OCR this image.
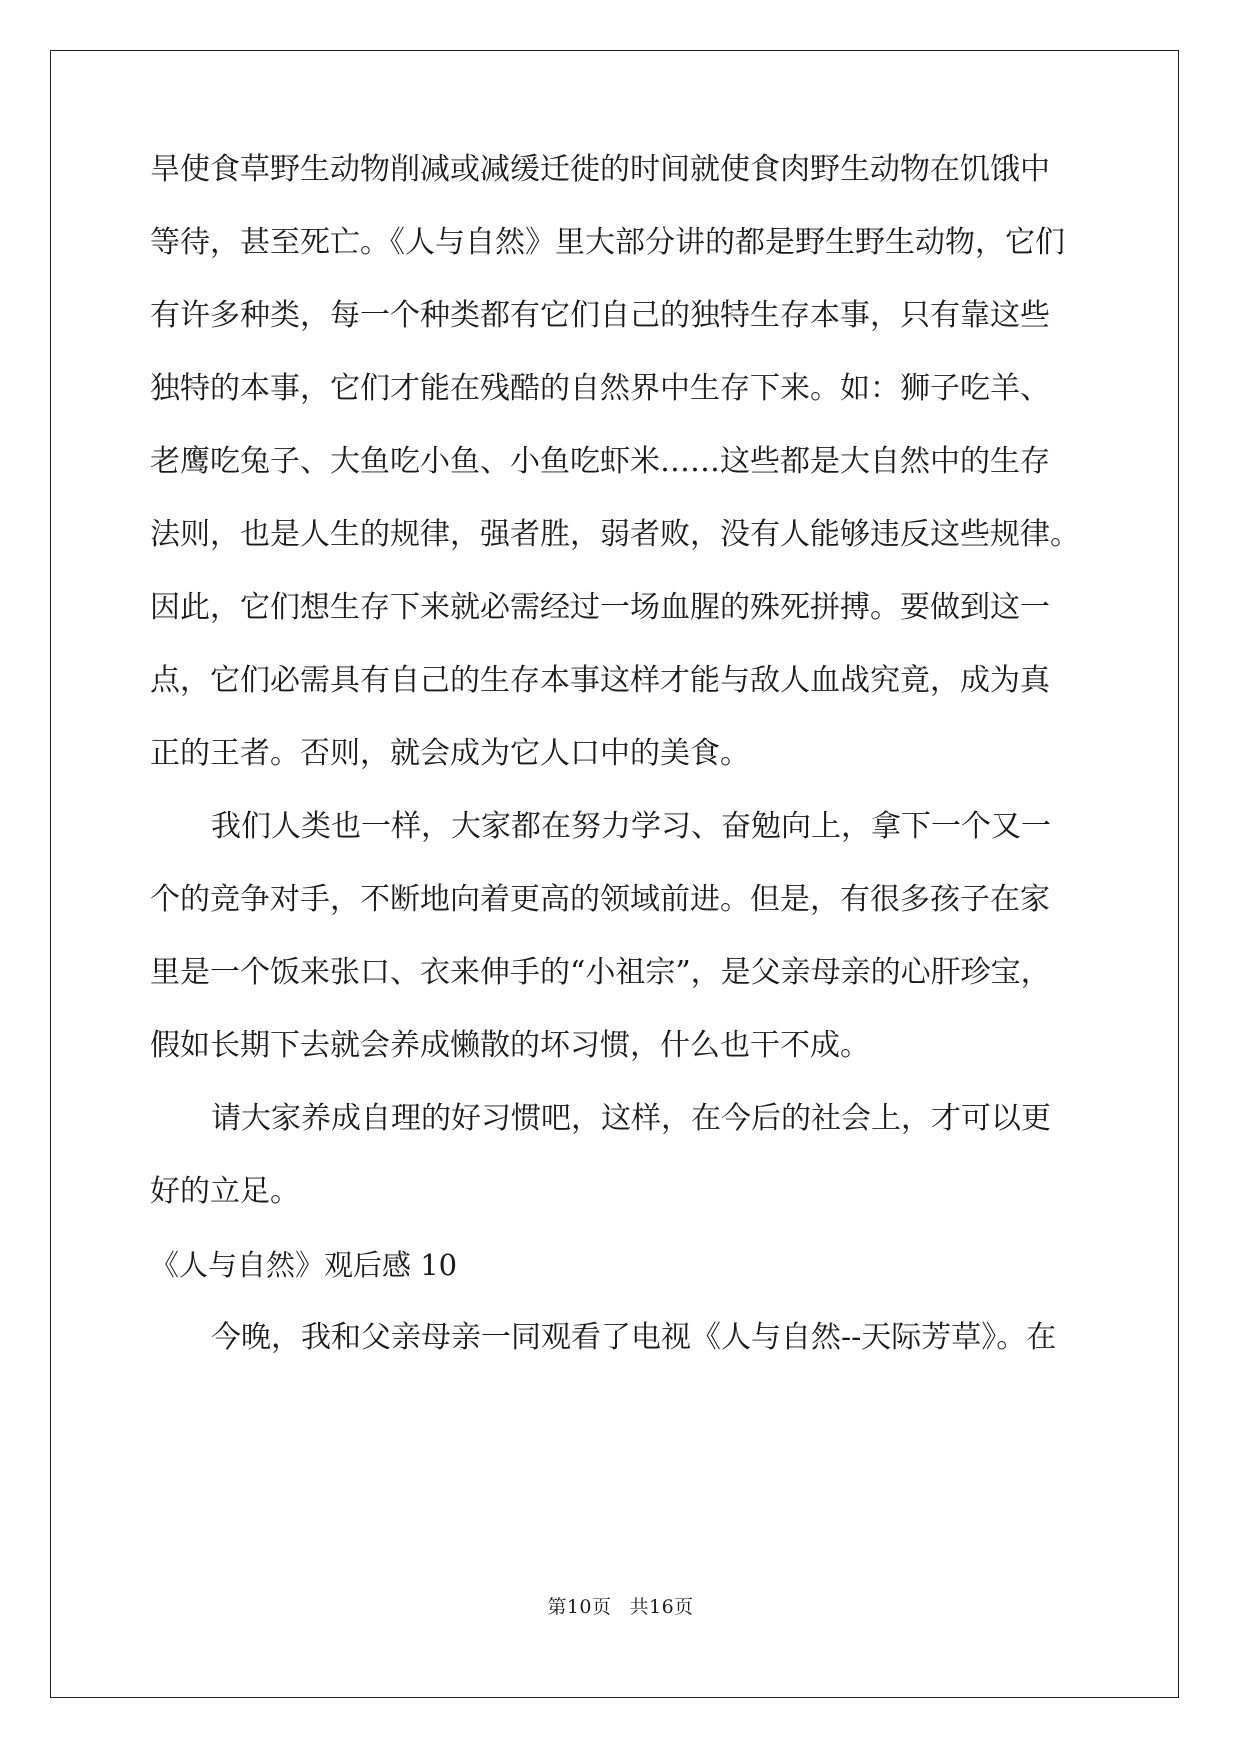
旱使食草野生动物削减或减缓迁徙的时间就使食肉野生动物在饥饿中
等待，甚至死亡。《人与自然》里大部分讲的都是野生野生动物，它们
有许多种类，每一个种类都有它们自己的独特生存本事，只有靠这些
独特的本事，它们才能在残酷的自然界中生存下来。如：狮子吃羊、
老鹰吃兔子、大鱼吃小鱼、小鱼吃虾米……这些都是大自然中的生存
法则，也是人生的规律，强者胜，弱者败，没有人能够违反这些规律。
因此，它们想生存下来就必需经过一场血腥的殊死拼搏。要做到这一
点，它们必需具有自己的生存本事这样才能与敌人血战究竟，成为真
正的王者。否则，就会成为它人口中的美食。
我们人类也一样，大家都在努力学习、奋勉向上，拿下一个又一
个的竞争对手，不断地向着更高的领域前进。但是，有很多孩子在家
里是一个饭来张口、衣来伸手的“小祖宗”，是父亲母亲的心肝珍宝，
假如长期下去就会养成懒散的坏习惯，什么也干不成。
请大家养成自理的好习惯吧，这样，在今后的社会上，才可以更
好的立足。
《人与自然》观后感 10
今晚，我和父亲母亲一同观看了电视《人与自然--天际芳草》。在
第10页 共16页
